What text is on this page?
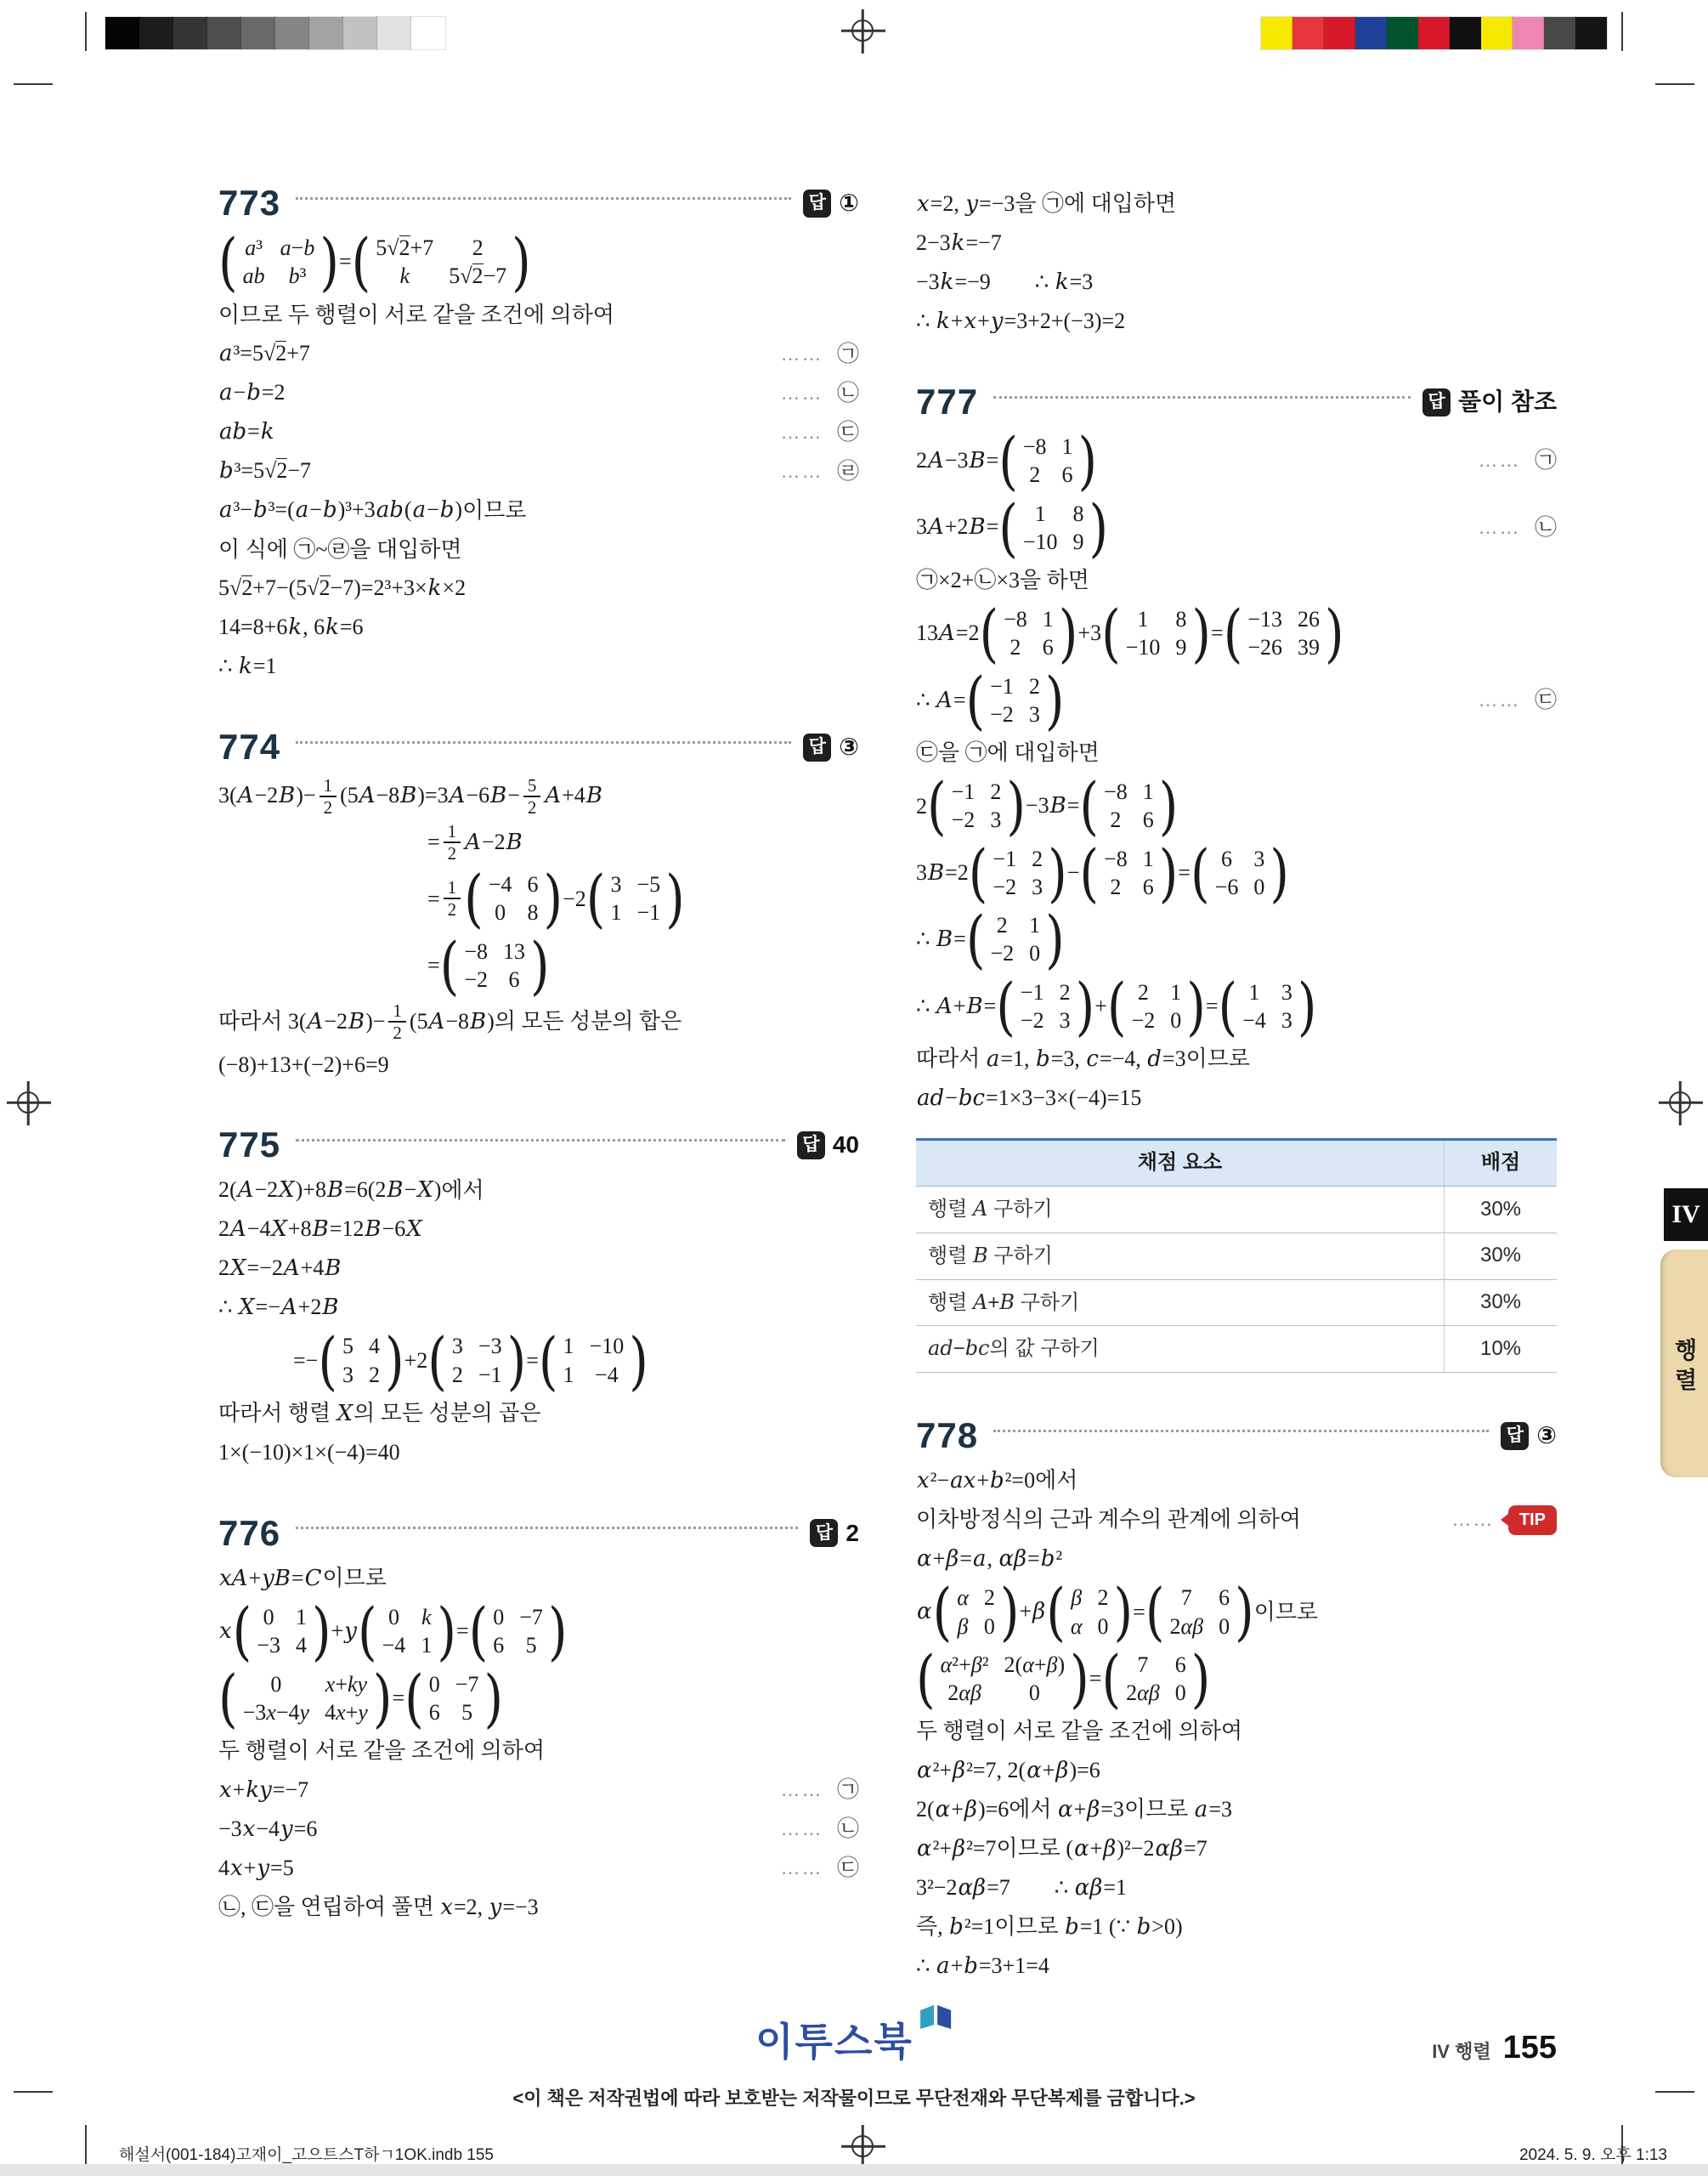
773	답 ①
( a³ a−b
ab b³ ) = ( 5√2+7 2
k 5√2−7 )
이므로 두 행렬이 서로 같을 조건에 의하여
a³=5√2+7	…… ㉠
a−b=2	…… ㉡
ab=k	…… ㉢
b³=5√2−7	…… ㉣
a³−b³=(a−b)³+3ab(a−b) 이므로
이 식에 ㉠~㉣을 대입하면
5√2+7−(5√2−7)=2³+3×k×2
14=8+6k, 6k=6
∴ k=1
774	답 ③
$3(A-2B)- \frac{1}{2} (5A-8B)=3A-6B- \frac{5}{2} A+4B$
= $\frac{1}{2} A-2B$
= $\frac{1}{2}$ ( −4 6
0 8 ) −2 ( 3 −5
1 −1 )
= ( −8 13
−2 6 )
따라서 $3(A-2B)- \frac{1}{2} (5A-8B)$ 의 모든 성분의 합은
(−8)+13+(−2)+6=9
775	답 40
2(A−2X)+8B=6(2B−X) 에서
2A−4X+8B=12B−6X
2X=−2A+4B
∴ X=−A+2B
=− ( 5 4
3 2 ) +2 ( 3 −3
2 −1 ) = ( 1 −10
1 −4 )
따라서 행렬 X 의 모든 성분의 곱은
1×(−10)×1×(−4)=40
776	답 2
xA+yB=C 이므로
x ( 0 1
−3 4 ) +y ( 0 k
−4 1 ) = ( 0 −7
6 5 )
( 0 x+ky
−3x−4y 4x+y ) = ( 0 −7
6 5 )
두 행렬이 서로 같을 조건에 의하여
x+ky=−7	…… ㉠
−3x−4y=6	…… ㉡
4x+y=5	…… ㉢
㉡, ㉢을 연립하여 풀면 x=2, y=−3
x=2, y=−3 을 ㉠에 대입하면
2−3k=−7
−3k=−9  ∴ k=3
∴ k+x+y=3+2+(−3)=2
777	답 풀이 참조
2A−3B= ( −8 1
2 6 )	…… ㉠
3A+2B= ( 1 8
−10 9 )	…… ㉡
㉠×2+㉡×3을 하면
13A=2 ( −8 1
2 6 ) +3 ( 1 8
−10 9 ) = ( −13 26
−26 39 )
∴ A= ( −1 2
−2 3 )	…… ㉢
㉢을 ㉠에 대입하면
2 ( −1 2
−2 3 ) −3B= ( −8 1
2 6 )
3B=2 ( −1 2
−2 3 ) − ( −8 1
2 6 ) = ( 6 3
−6 0 )
∴ B= ( 2 1
−2 0 )
∴ A+B= ( −1 2
−2 3 ) + ( 2 1
−2 0 ) = ( 1 3
−4 3 )
따라서 a=1, b=3, c=−4, d=3 이므로
ad−bc=1×3−3×(−4)=15
채점 요소	배점
행렬 A 구하기	30%
행렬 B 구하기	30%
행렬 A+B 구하기	30%
ad−bc의 값 구하기	10%
778	답 ③
x²−ax+b²=0 에서
이차방정식의 근과 계수의 관계에 의하여	……	TIP
α+β=a, αβ=b²
α ( α 2
β 0 ) +β ( β 2
α 0 ) = ( 7 6
2αβ 0 ) 이므로
( α²+β² 2(α+β)
2αβ 0 ) = ( 7 6
2αβ 0 )
두 행렬이 서로 같을 조건에 의하여
α²+β²=7, 2(α+β)=6
2(α+β)=6 에서 α+β=3 이므로 a=3
α²+β²=7 이므로 (α+β)²−2αβ=7
3²−2αβ=7  ∴ αβ=1
즉, b²=1 이므로 b=1 (∵ b>0)
∴ a+b=3+1=4
IV
행렬
이투스북	IV 행렬 155
<이 책은 저작권법에 따라 보호받는 저작물이므로 무단전재와 무단복제를 금합니다.>
해설서(001-184)고재이_고으트스T하ㄱ1OK.indb 155	2024. 5. 9. 오후 1:13
